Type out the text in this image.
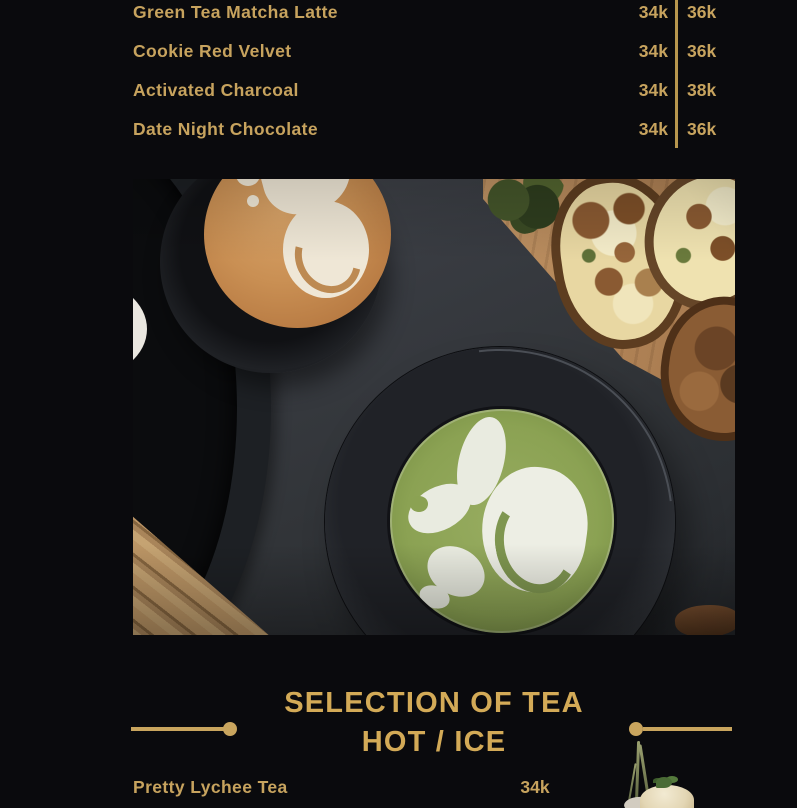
Green Tea Matcha Latte	34k 36k
Cookie Red Velvet	34k 36k
Activated Charcoal	34k 38k
Date Night Chocolate	34k 36k
SELECTION OF TEA
HOT / ICE
Pretty Lychee Tea	34k
